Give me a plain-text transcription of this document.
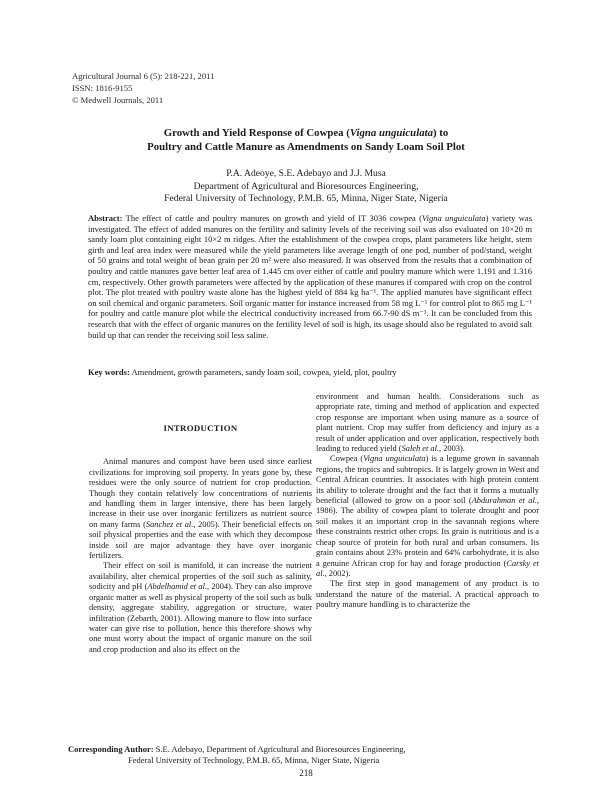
Agricultural Journal 6 (5): 218-221, 2011
ISSN: 1816-9155
© Medwell Journals, 2011
Growth and Yield Response of Cowpea (Vigna unguiculata) to
Poultry and Cattle Manure as Amendments on Sandy Loam Soil Plot
P.A. Adeoye, S.E. Adebayo and J.J. Musa
Department of Agricultural and Bioresources Engineering,
Federal University of Technology, P.M.B. 65, Minna, Niger State, Nigeria
Abstract: The effect of cattle and poultry manures on growth and yield of IT 3036 cowpea (Vigna unguiculata) variety was investigated. The effect of added manures on the fertility and salinity levels of the receiving soil was also evaluated on 10×20 m sandy loam plot containing eight 10×2 m ridges. After the establishment of the cowpea crops, plant parameters like height, stem girth and leaf area index were measured while the yield parameters like average length of one pod, number of pod/stand, weight of 50 grains and total weight of bean grain per 20 m² were also measured. It was observed from the results that a combination of poultry and cattle manures gave better leaf area of 1.445 cm over either of cattle and poultry manure which were 1.191 and 1.316 cm, respectively. Other growth parameters were affected by the application of these manures if compared with crop on the control plot. The plot treated with poultry waste alone has the highest yield of 884 kg ha⁻¹. The applied manures have significant effect on soil chemical and organic parameters. Soil organic matter for instance increased from 58 mg L⁻¹ for control plot to 865 mg L⁻¹ for poultry and cattle manure plot while the electrical conductivity increased from 66.7-90 dS m⁻¹. It can be concluded from this research that with the effect of organic manures on the fertility level of soil is high, its usage should also be regulated to avoid salt build up that can render the receiving soil less saline.
Key words: Amendment, growth parameters, sandy loam soil, cowpea, yield, plot, poultry
INTRODUCTION

Animal manures and compost have been used since earliest civilizations for improving soil property. In years gone by, these residues were the only source of nutrient for crop production. Though they contain relatively low concentrations of nutrients and handling them in larger intensive, there has been largely increase in their use over inorganic fertilizers as nutrient source on many farms (Sanchez et al., 2005). Their beneficial effects on soil physical properties and the ease with which they decompose inside soil are major advantage they have over inorganic fertilizers.

Their effect on soil is manifold, it can increase the nutrient availability, alter chemical properties of the soil such as salinity, sodicity and pH (Abdelhamid et al., 2004). They can also improve organic matter as well as physical property of the soil such as bulk density, aggregate stability, aggregation or structure, water infiltration (Zebarth, 2001). Allowing manure to flow into surface water can give rise to pollution, hence this therefore shows why one must worry about the impact of organic manure on the soil and crop production and also its effect on the

environment and human health. Considerations such as appropriate rate, timing and method of application and expected crop response are important when using manure as a source of plant nutrient. Crop may suffer from deficiency and injury as a result of under application and over application, respectively both leading to reduced yield (Saleh et al., 2003).

Cowpea (Vigna unguiculata) is a legume grown in savannah regions, the tropics and subtropics. It is largely grown in West and Central African countries. It associates with high protein content its ability to tolerate drought and the fact that it forms a mutually beneficial (allowed to grow on a poor soil (Abdurahman et al., 1986). The ability of cowpea plant to tolerate drought and poor soil makes it an important crop in the savannah regions where these constraints restrict other crops. Its grain is nutritious and is a cheap source of protein for both rural and urban consumers. Its grain contains about 23% protein and 64% carbohydrate, it is also a genuine African crop for hay and forage production (Carsky et al., 2002).

The first step in good management of any product is to understand the nature of the material. A practical approach to poultry manure handling is to characterize the

Corresponding Author: S.E. Adebayo, Department of Agricultural and Bioresources Engineering,
Federal University of Technology, P.M.B. 65, Minna, Niger State, Nigeria
218
